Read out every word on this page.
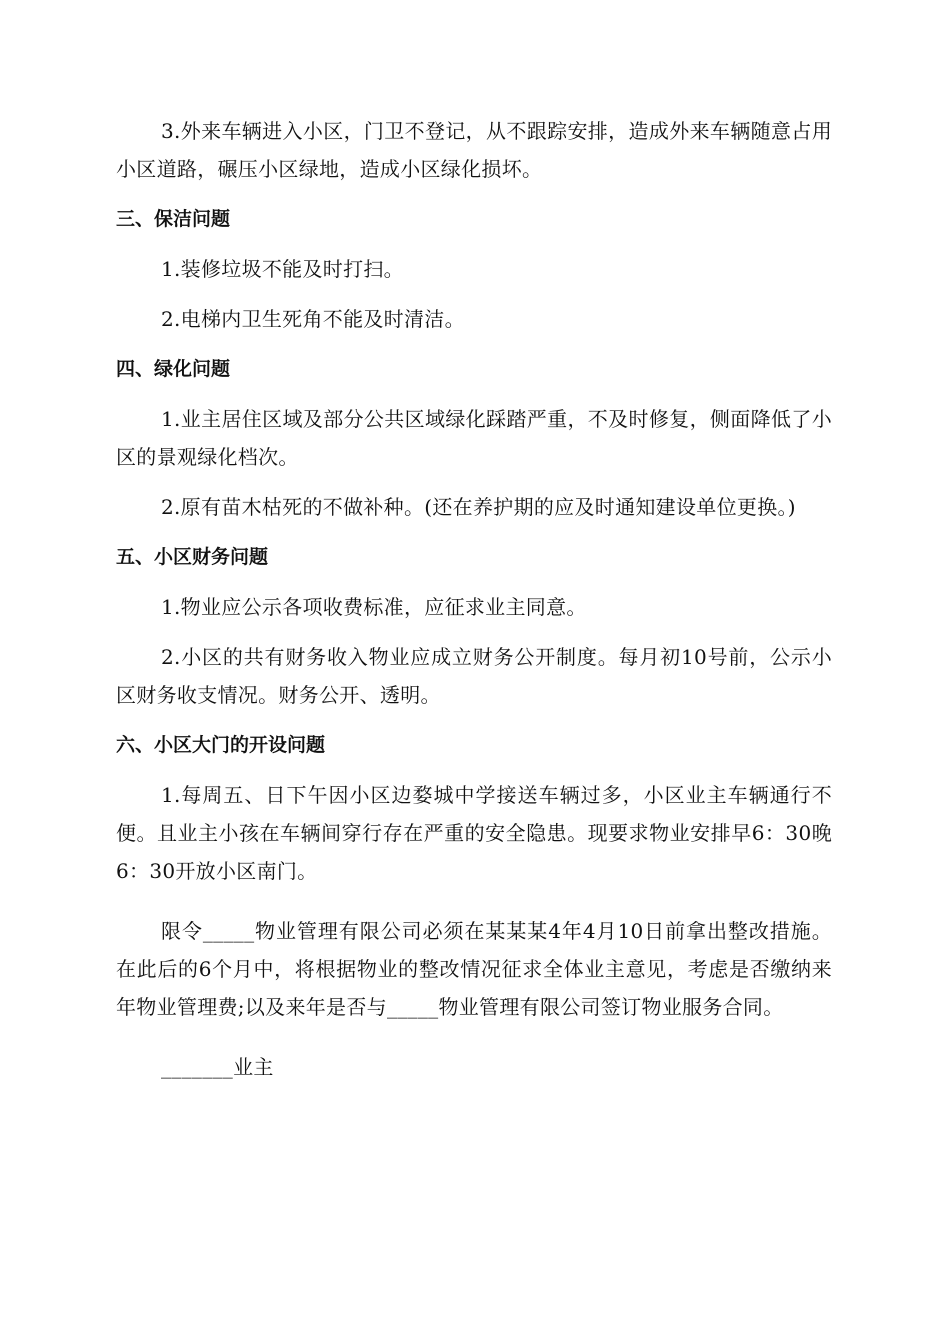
3.外来车辆进入小区，门卫不登记，从不跟踪安排，造成外来车辆随意占用小区道路，碾压小区绿地，造成小区绿化损坏。

三、保洁问题

1.装修垃圾不能及时打扫。

2.电梯内卫生死角不能及时清洁。

四、绿化问题

1.业主居住区域及部分公共区域绿化踩踏严重，不及时修复，侧面降低了小区的景观绿化档次。

2.原有苗木枯死的不做补种。(还在养护期的应及时通知建设单位更换。)

五、小区财务问题

1.物业应公示各项收费标准，应征求业主同意。

2.小区的共有财务收入物业应成立财务公开制度。每月初10号前，公示小区财务收支情况。财务公开、透明。

六、小区大门的开设问题

1.每周五、日下午因小区边婺城中学接送车辆过多，小区业主车辆通行不便。且业主小孩在车辆间穿行存在严重的安全隐患。现要求物业安排早6：30晚6：30开放小区南门。

限令_____物业管理有限公司必须在某某某4年4月10日前拿出整改措施。在此后的6个月中，将根据物业的整改情况征求全体业主意见，考虑是否缴纳来年物业管理费;以及来年是否与_____物业管理有限公司签订物业服务合同。

_______业主
